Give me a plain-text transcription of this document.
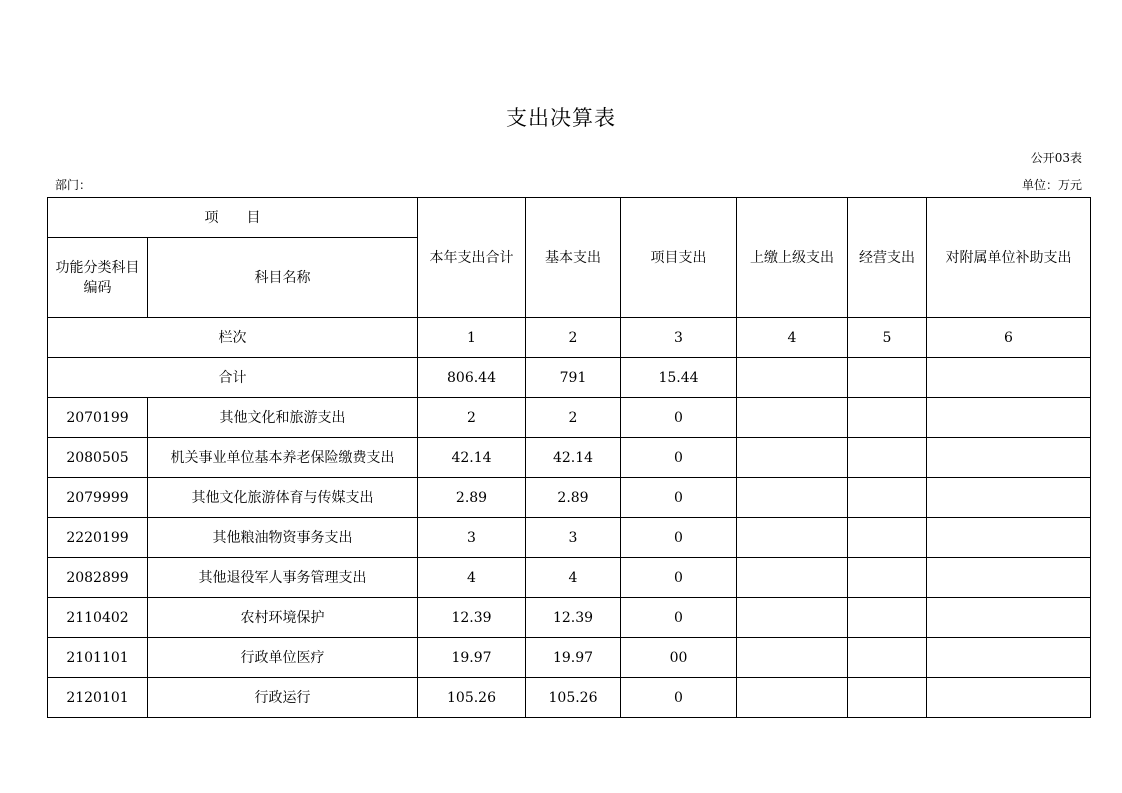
支出决算表
公开03表
部门：	单位：万元
项　　目		本年支出合计	基本支出	项目支出	上缴上级支出	经营支出	对附属单位补助支出
功能分类科目编码	科目名称						
栏次		1	2	3	4	5	6
合计		806.44	791	15.44			
2070199	其他文化和旅游支出	2	2	0			
2080505	机关事业单位基本养老保险缴费支出	42.14	42.14	0			
2079999	其他文化旅游体育与传媒支出	2.89	2.89	0			
2220199	其他粮油物资事务支出	3	3	0			
2082899	其他退役军人事务管理支出	4	4	0			
2110402	农村环境保护	12.39	12.39	0			
2101101	行政单位医疗	19.97	19.97	00			
2120101	行政运行	105.26	105.26	0			
